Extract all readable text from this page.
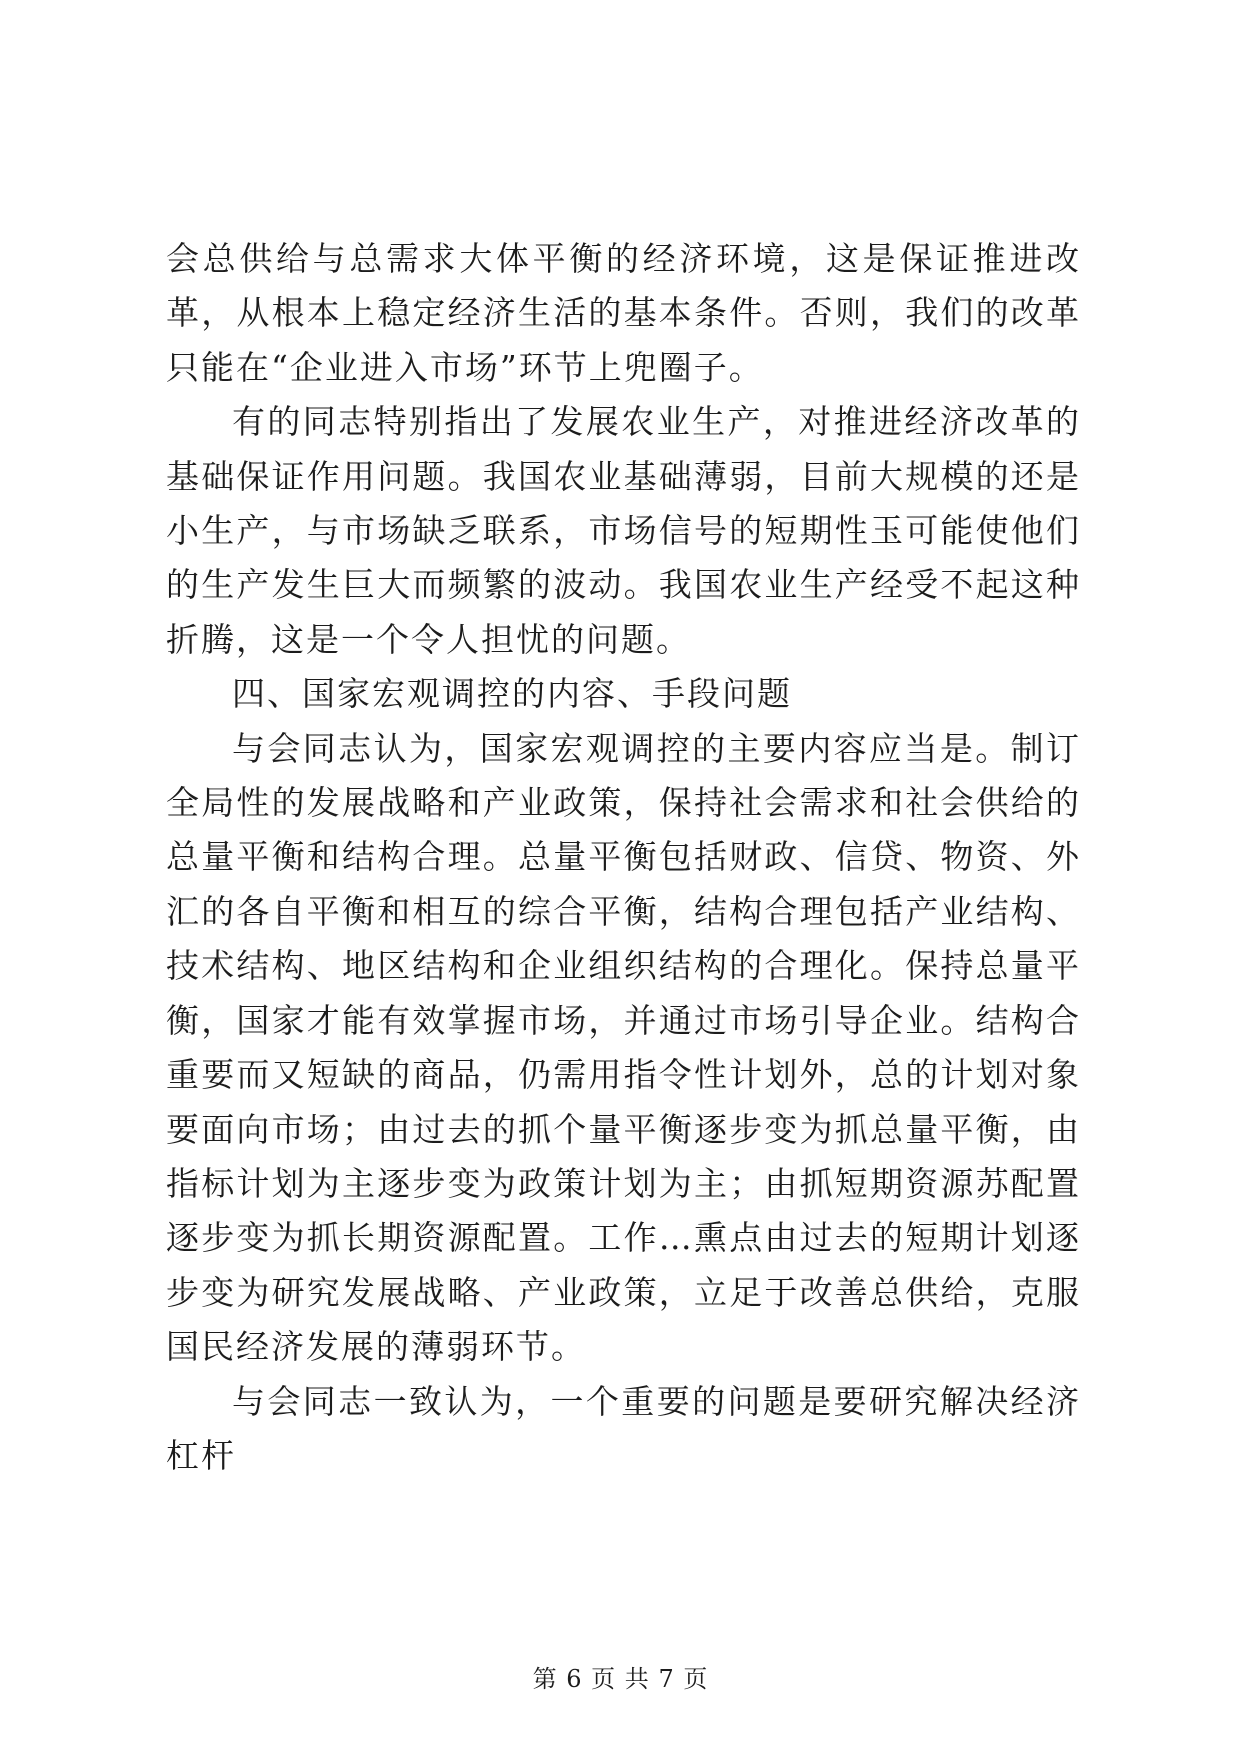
会总供给与总需求大体平衡的经济环境，这是保证推进改革，从根本上稳定经济生活的基本条件。否则，我们的改革只能在“企业进入市场”环节上兜圈子。

有的同志特别指出了发展农业生产，对推进经济改革的基础保证作用问题。我国农业基础薄弱，目前大规模的还是小生产，与市场缺乏联系，市场信号的短期性玉可能使他们的生产发生巨大而频繁的波动。我国农业生产经受不起这种折腾，这是一个令人担忧的问题。

四、国家宏观调控的内容、手段问题

与会同志认为，国家宏观调控的主要内容应当是。制订全局性的发展战略和产业政策，保持社会需求和社会供给的总量平衡和结构合理。总量平衡包括财政、信贷、物资、外汇的各自平衡和相互的综合平衡，结构合理包括产业结构、技术结构、地区结构和企业组织结构的合理化。保持总量平衡，国家才能有效掌握市场，并通过市场引导企业。结构合重要而又短缺的商品，仍需用指令性计划外，总的计划对象要面向市场；由过去的抓个量平衡逐步变为抓总量平衡，由指标计划为主逐步变为政策计划为主；由抓短期资源苏配置逐步变为抓长期资源配置。工作…熏点由过去的短期计划逐步变为研究发展战略、产业政策，立足于改善总供给，克服国民经济发展的薄弱环节。

与会同志一致认为，一个重要的问题是要研究解决经济杠杆

第 6 页 共 7 页
